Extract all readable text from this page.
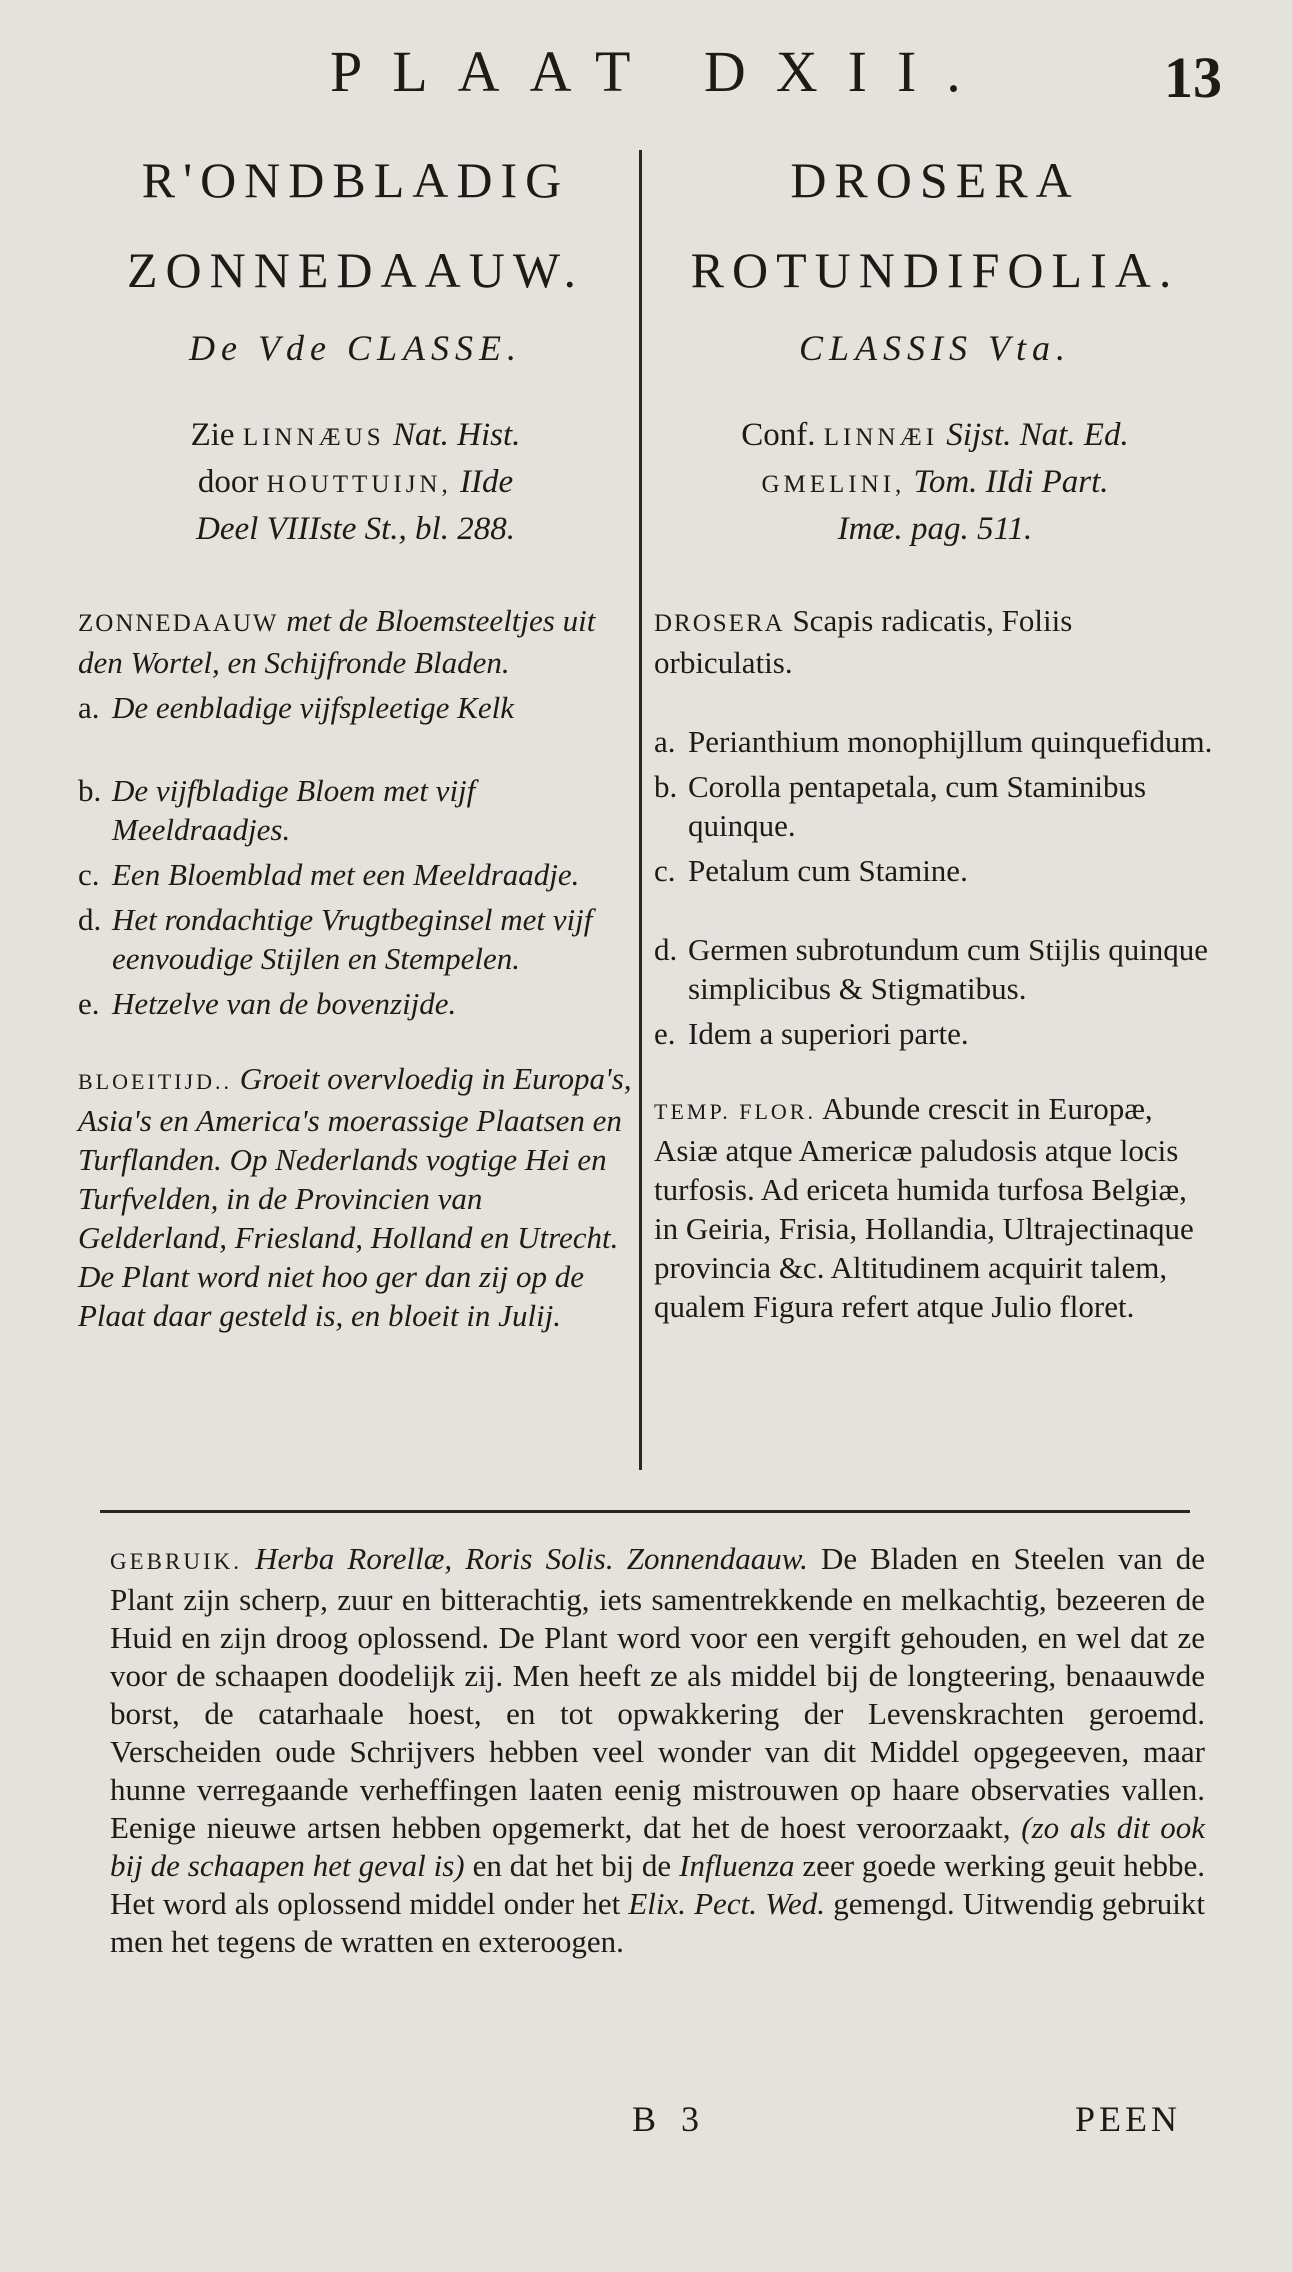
PLAAT DXII.	13
R'ONDBLADIG
ZONNEDAAUW.
De Vde CLASSE.
Zie LINNÆUS Nat. Hist.
door HOUTTUIJN, IIde
Deel VIIIste St., bl. 288.
ZONNEDAAUW met de Bloemsteeltjes uit den Wortel, en Schijfronde Bladen.
a. De eenbladige vijfspleetige Kelk
b. De vijfbladige Bloem met vijf Meeldraadjes.
c. Een Bloemblad met een Meeldraadje.
d. Het rondachtige Vrugtbeginsel met vijf eenvoudige Stijlen en Stempelen.
e. Hetzelve van de bovenzijde.
BLOEITIJD.. Groeit overvloedig in Europa's, Asia's en America's moerassige Plaatsen en Turflanden. Op Nederlands vogtige Hei en Turfvelden, in de Provincien van Gelderland, Friesland, Holland en Utrecht. De Plant word niet hoo ger dan zij op de Plaat daar gesteld is, en bloeit in Julij.
DROSERA
ROTUNDIFOLIA.
CLASSIS Vta.
Conf. LINNÆI Sijst. Nat. Ed.
GMELINI, Tom. IIdi Part.
Imæ. pag. 511.
DROSERA Scapis radicatis, Foliis orbiculatis.
a. Perianthium monophijllum quinquefidum.
b. Corolla pentapetala, cum Staminibus quinque.
c. Petalum cum Stamine.
d. Germen subrotundum cum Stijlis quinque simplicibus & Stigmatibus.
e. Idem a superiori parte.
TEMP. FLOR. Abunde crescit in Europæ, Asiæ atque Americæ paludosis atque locis turfosis. Ad ericeta humida turfosa Belgiæ, in Geiria, Frisia, Hollandia, Ultrajectinaque provincia &c. Altitudinem acquirit talem, qualem Figura refert atque Julio floret.
GEBRUIK. Herba Rorellæ, Roris Solis. Zonnendaauw. De Bladen en Steelen van de Plant zijn scherp, zuur en bitterachtig, iets samentrekkende en melkachtig, bezeeren de Huid en zijn droog oplossend. De Plant word voor een vergift gehouden, en wel dat ze voor de schaapen doodelijk zij. Men heeft ze als middel bij de longteering, benaauwde borst, de catarhaale hoest, en tot opwakkering der Levenskrachten geroemd. Verscheiden oude Schrijvers hebben veel wonder van dit Middel opgegeeven, maar hunne verregaande verheffingen laaten eenig mistrouwen op haare observaties vallen. Eenige nieuwe artsen hebben opgemerkt, dat het de hoest veroorzaakt, (zo als dit ook bij de schaapen het geval is) en dat het bij de Influenza zeer goede werking geuit hebbe. Het word als oplossend middel onder het Elix. Pect. Wed. gemengd. Uitwendig gebruikt men het tegens de wratten en exteroogen.
B 3	PEEN
